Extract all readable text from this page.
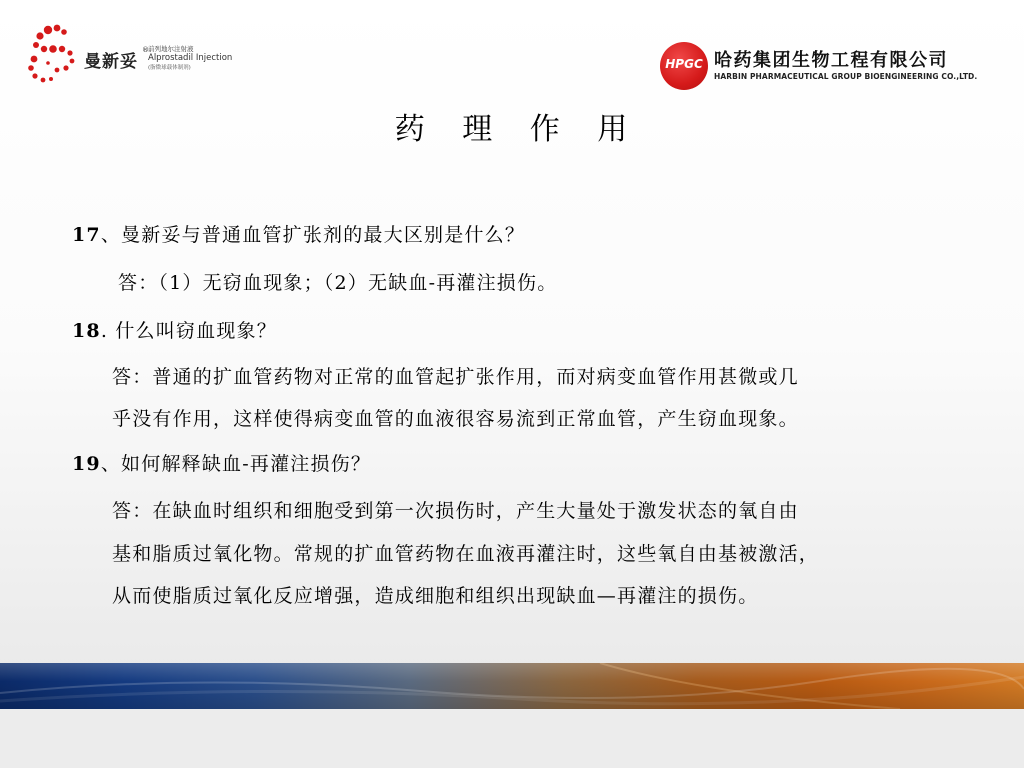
曼新妥
® 前列地尔注射液
Alprostadil Injection
(脂微球载体制剂)	HPGC 哈药集团生物工程有限公司
HARBIN PHARMACEUTICAL GROUP BIOENGINEERING CO.,LTD.
药 理 作 用
17、曼新妥与普通血管扩张剂的最大区别是什么？
答：（1）无窃血现象；（2）无缺血-再灌注损伤。
18. 什么叫窃血现象？
答：普通的扩血管药物对正常的血管起扩张作用，而对病变血管作用甚微或几
乎没有作用，这样使得病变血管的血液很容易流到正常血管，产生窃血现象。
19、如何解释缺血-再灌注损伤？
答：在缺血时组织和细胞受到第一次损伤时，产生大量处于激发状态的氧自由
基和脂质过氧化物。常规的扩血管药物在血液再灌注时，这些氧自由基被激活，
从而使脂质过氧化反应增强，造成细胞和组织出现缺血—再灌注的损伤。
